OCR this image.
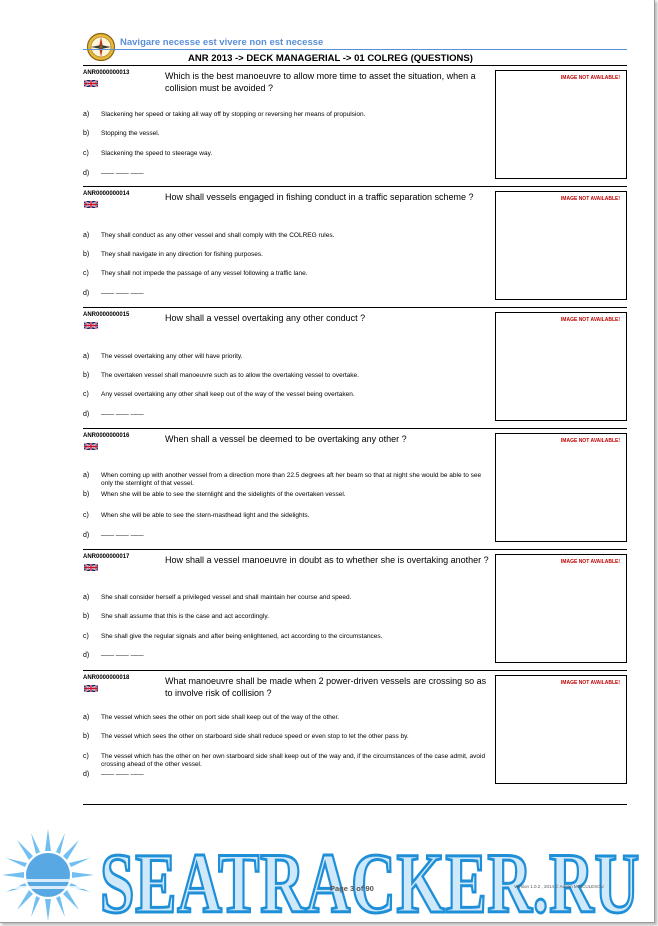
Navigare necesse est vivere non est necesse
ANR 2013 -> DECK MANAGERIAL -> 01 COLREG (QUESTIONS)
ANR0000000013	Which is the best manoeuvre to allow more time to asset the situation, when a collision must be avoided ?
IMAGE NOT AVAILABLE!
a)	Slackening her speed or taking all way off by stopping or reversing her means of propulsion.
b)	Stopping the vessel.
c)	Slackening the speed to steerage way.
d)	—— —— ——
ANR0000000014	How shall vessels engaged in fishing conduct in a traffic separation scheme ?	IMAGE NOT AVAILABLE!
a)	They shall conduct as any other vessel and shall comply with the COLREG rules.
b)	They shall navigate in any direction for fishing purposes.
c)	They shall not impede the passage of any vessel following a traffic lane.
d)	—— —— ——
ANR0000000015	How shall a vessel overtaking any other conduct ?	IMAGE NOT AVAILABLE!
a)	The vessel overtaking any other will have priority.
b)	The overtaken vessel shall manoeuvre such as to allow the overtaking vessel to overtake.
c)	Any vessel overtaking any other shall keep out of the way of the vessel being overtaken.
d)	—— —— ——
ANR0000000016	When shall a vessel be deemed to be overtaking any other ?	IMAGE NOT AVAILABLE!
a)	When coming up with another vessel from a direction more than 22.5 degrees aft her beam so that at night she would be able to see only the sternlight of that vessel.
b)	When she will be able to see the sternlight and the sidelights of the overtaken vessel.
c)	When she will be able to see the stern-masthead light and the sidelights.
d)	—— —— ——
ANR0000000017	How shall a vessel manoeuvre in doubt as to whether she is overtaking another ?	IMAGE NOT AVAILABLE!
a)	She shall consider herself a privileged vessel and shall maintain her course and speed.
b)	She shall assume that this is the case and act accordingly.
c)	She shall give the regular signals and after being enlightened, act according to the circumstances.
d)	—— —— ——
ANR0000000018	What manoeuvre shall be made when 2 power-driven vessels are crossing so as to involve risk of collision ?
IMAGE NOT AVAILABLE!
a)	The vessel which sees the other on port side shall keep out of the way of the other.
b)	The vessel which sees the other on starboard side shall reduce speed or even stop to let the other pass by.
c)	The vessel which has the other on her own starboard side shall keep out of the way and, if the circumstances of the case admit, avoid crossing ahead of the other vessel.
d)	—— —— ——
SEATRACKER.RU
Page 3 of 90	Version 1.0.2 , 2014 © Adrian MINCULESCU
